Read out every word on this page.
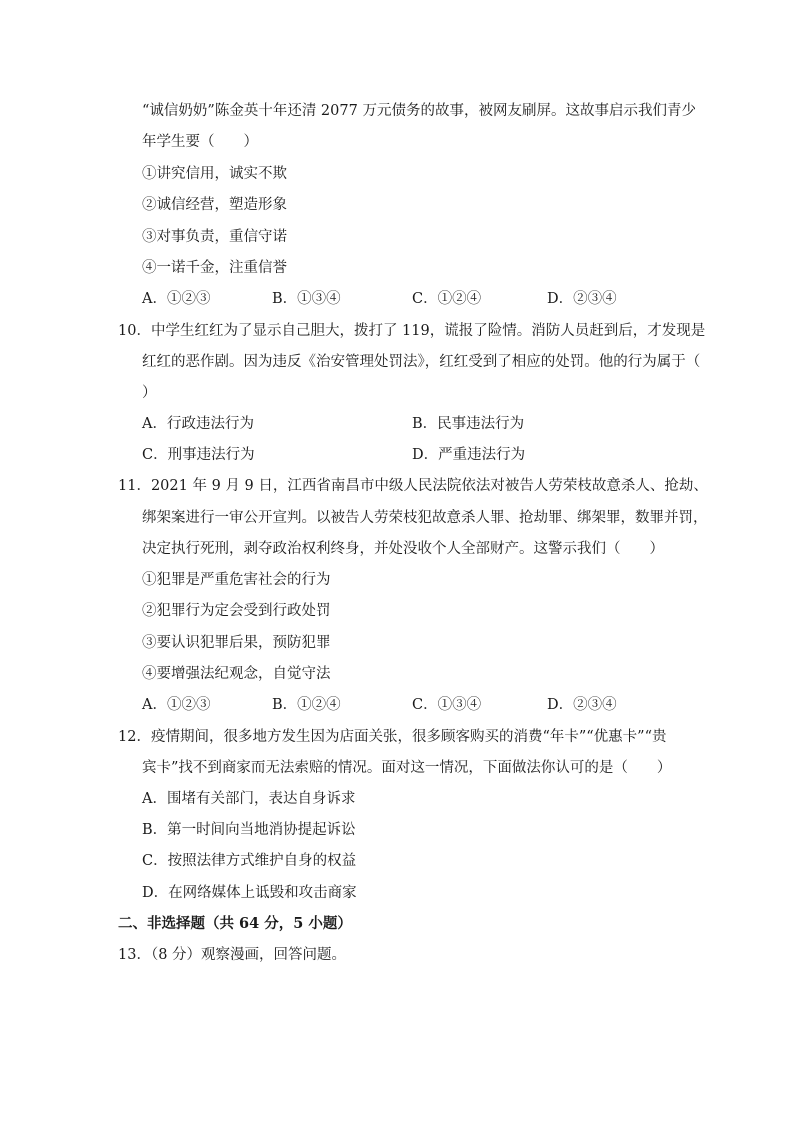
“诚信奶奶”陈金英十年还清 2077 万元债务的故事，被网友刷屏。这故事启示我们青少
年学生要（　　）
①讲究信用，诚实不欺
②诚信经营，塑造形象
③对事负责，重信守诺
④一诺千金，注重信誉
A．①②③	B．①③④	C．①②④	D．②③④
10．中学生红红为了显示自己胆大，拨打了 119，谎报了险情。消防人员赶到后，才发现是
红红的恶作剧。因为违反《治安管理处罚法》，红红受到了相应的处罚。他的行为属于（
）
A．行政违法行为	B．民事违法行为
C．刑事违法行为	D．严重违法行为
11．2021 年 9 月 9 日，江西省南昌市中级人民法院依法对被告人劳荣枝故意杀人、抢劫、
绑架案进行一审公开宣判。以被告人劳荣枝犯故意杀人罪、抢劫罪、绑架罪，数罪并罚，
决定执行死刑，剥夺政治权利终身，并处没收个人全部财产。这警示我们（　　）
①犯罪是严重危害社会的行为
②犯罪行为定会受到行政处罚
③要认识犯罪后果，预防犯罪
④要增强法纪观念，自觉守法
A．①②③	B．①②④	C．①③④	D．②③④
12．疫情期间，很多地方发生因为店面关张，很多顾客购买的消费“年卡”“优惠卡”“贵
宾卡”找不到商家而无法索赔的情况。面对这一情况，下面做法你认可的是（　　）
A．围堵有关部门，表达自身诉求
B．第一时间向当地消协提起诉讼
C．按照法律方式维护自身的权益
D．在网络媒体上诋毁和攻击商家
二、非选择题（共 64 分，5 小题）
13．（8 分）观察漫画，回答问题。
